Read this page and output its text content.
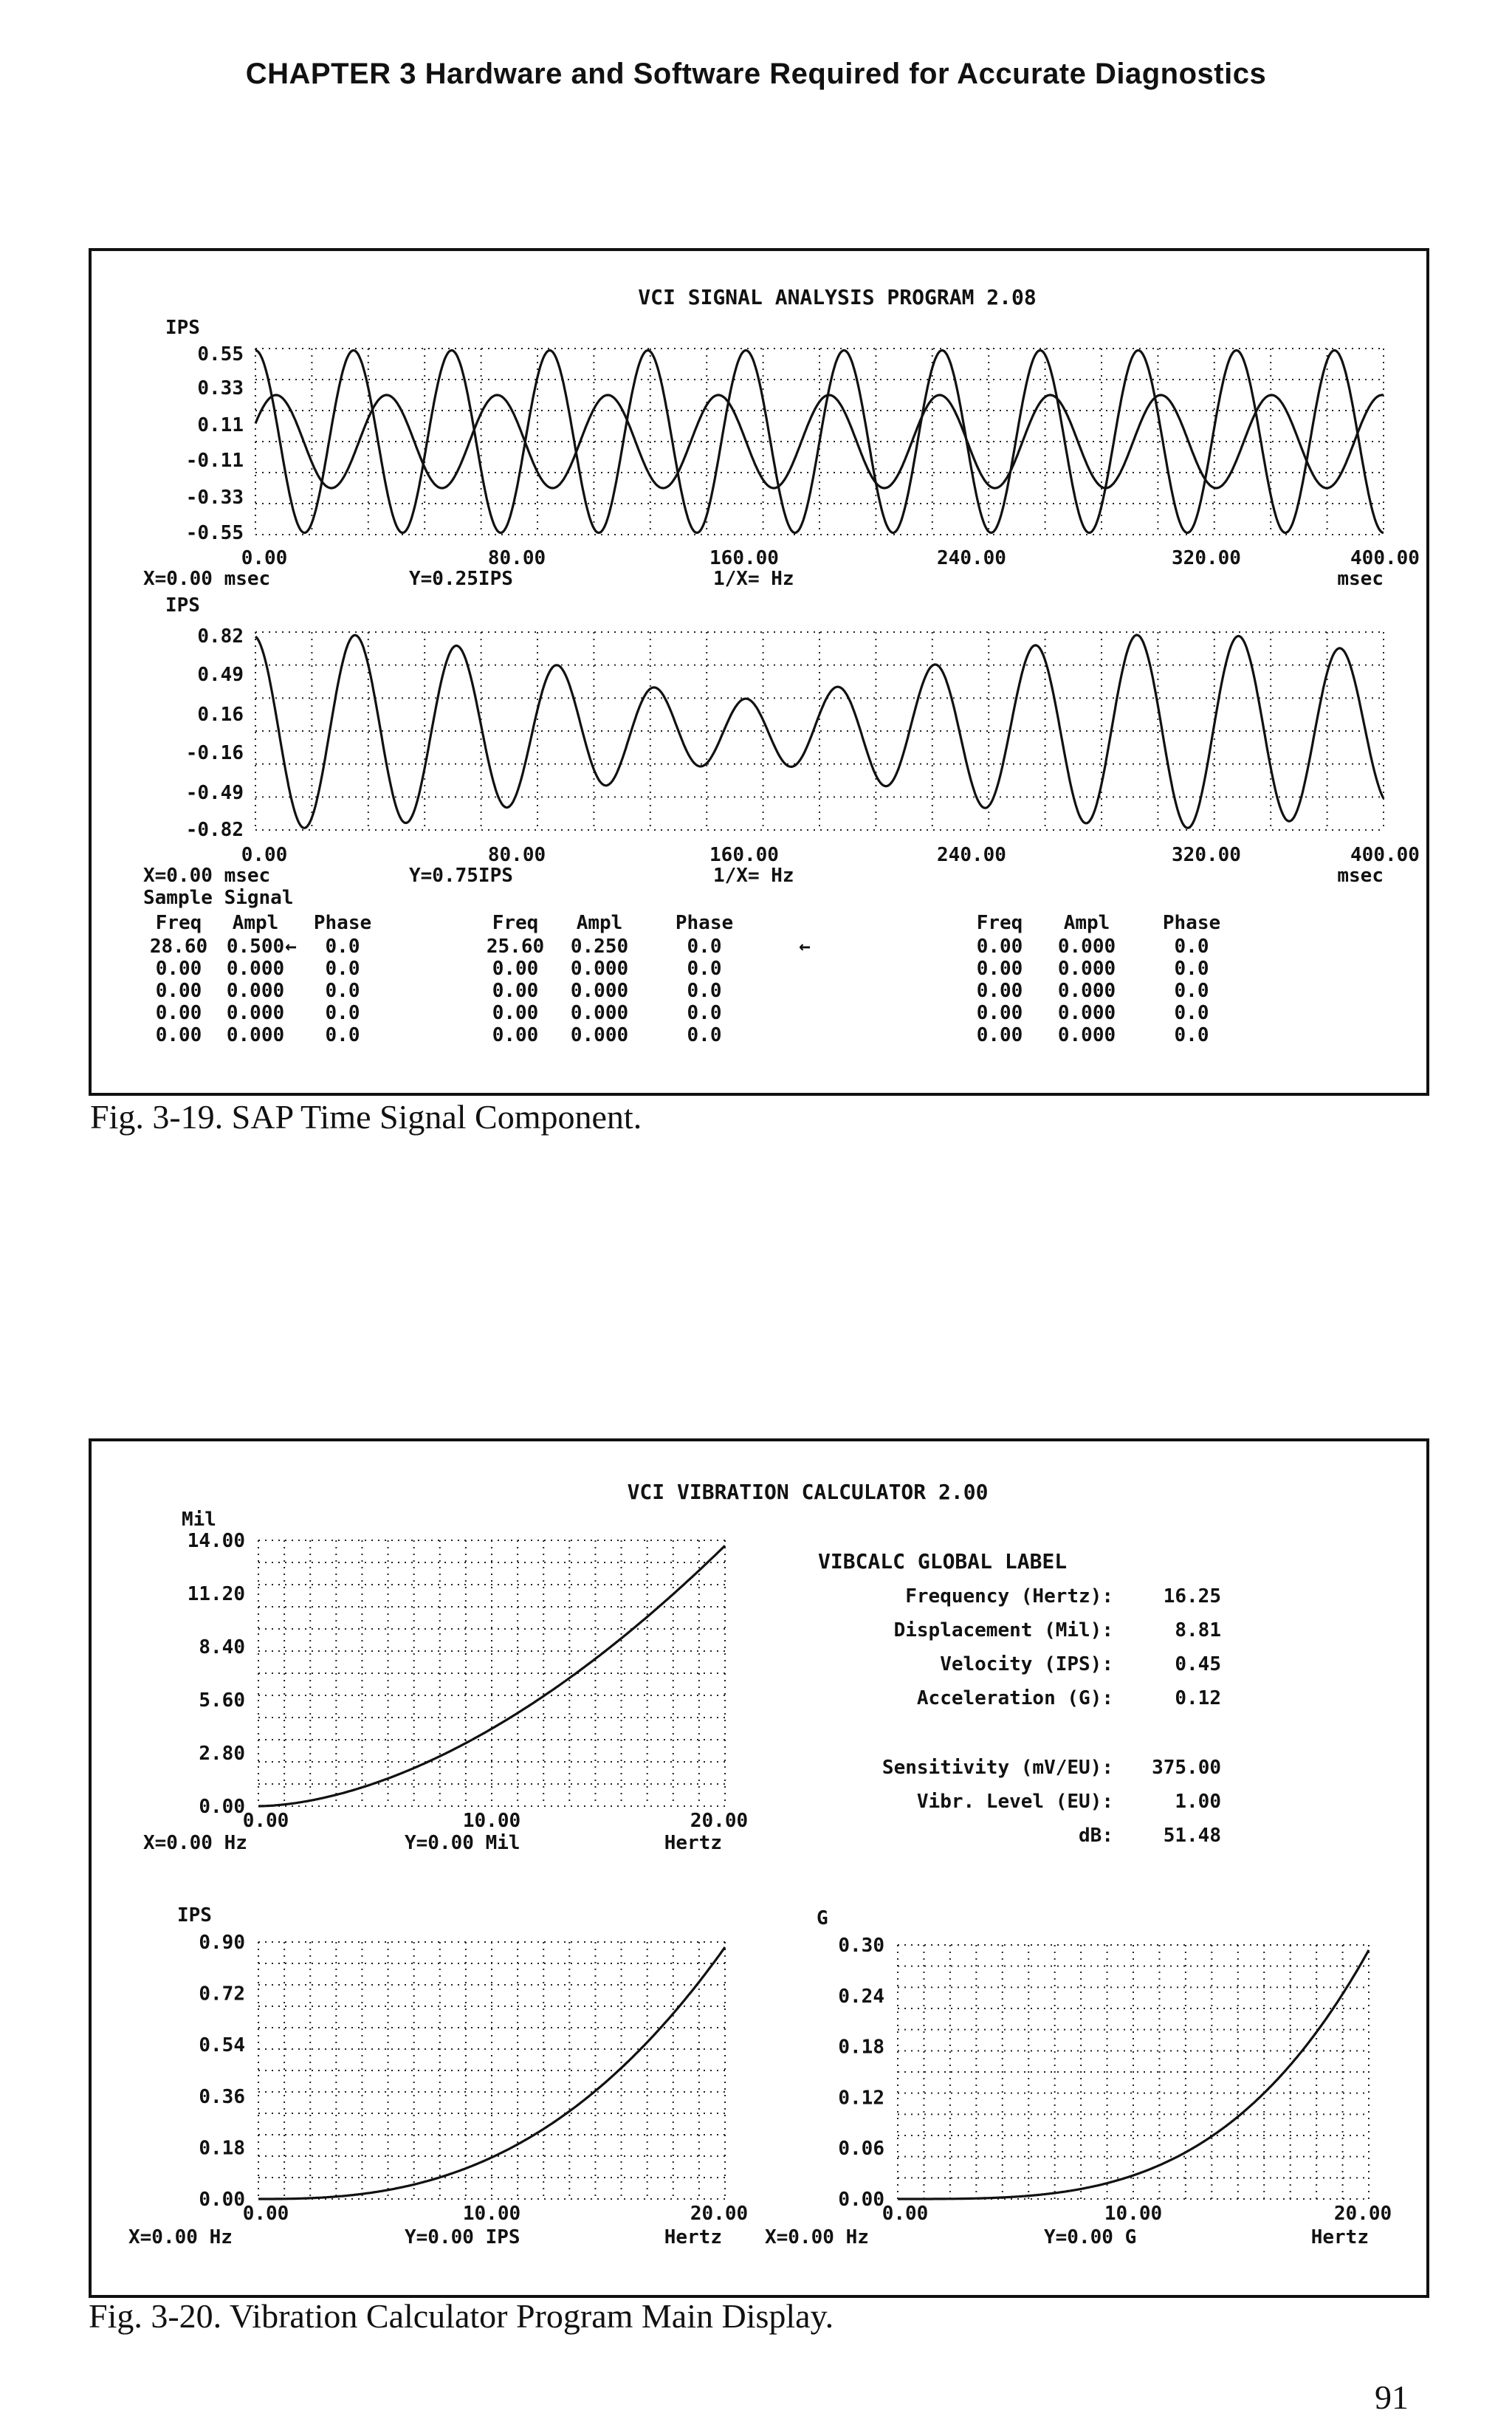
CHAPTER 3 Hardware and Software Required for Accurate Diagnostics
VCI SIGNAL ANALYSIS PROGRAM 2.08
IPS
0.55
0.33
0.11
-0.11
-0.33
-0.55
0.00	80.00	160.00	240.00	320.00	400.00
X=0.00 msec	Y=0.25IPS	1/X= Hz	msec
IPS
0.82
0.49
0.16
-0.16
-0.49
-0.82
0.00	80.00	160.00	240.00	320.00	400.00
X=0.00 msec	Y=0.75IPS	1/X= Hz	msec
Sample Signal
Freq Ampl Phase	Freq Ampl	Phase	Freq Ampl	Phase
28.60 0.500 0.0	25.60 0.250	0.0	0.00 0.000	0.0
0.00 0.000 0.0	0.00 0.000	0.0	0.00 0.000	0.0
0.00 0.000 0.0	0.00 0.000	0.0	0.00 0.000	0.0
0.00 0.000 0.0	0.00 0.000	0.0	0.00 0.000	0.0
0.00 0.000 0.0	0.00 0.000	0.0	0.00 0.000	0.0
←	←
Fig. 3-19. SAP Time Signal Component.
VCI VIBRATION CALCULATOR 2.00
Mil
14.00
11.20
8.40
5.60
2.80
0.00
0.00	10.00	20.00
X=0.00 Hz	Y=0.00 Mil	Hertz
VIBCALC GLOBAL LABEL
Frequency (Hertz):	16.25
Displacement (Mil):	8.81
Velocity (IPS):	0.45
Acceleration (G):	0.12
Sensitivity (mV/EU): 375.00
Vibr. Level (EU):	1.00
dB:	51.48
IPS
0.90
0.72
0.54
0.36
0.18
0.00
0.00	10.00	20.00
X=0.00 Hz	Y=0.00 IPS	Hertz
G
0.30
0.24
0.18
0.12
0.06
0.00
0.00	10.00	20.00
X=0.00 Hz	Y=0.00 G	Hertz
Fig. 3-20. Vibration Calculator Program Main Display.
91
